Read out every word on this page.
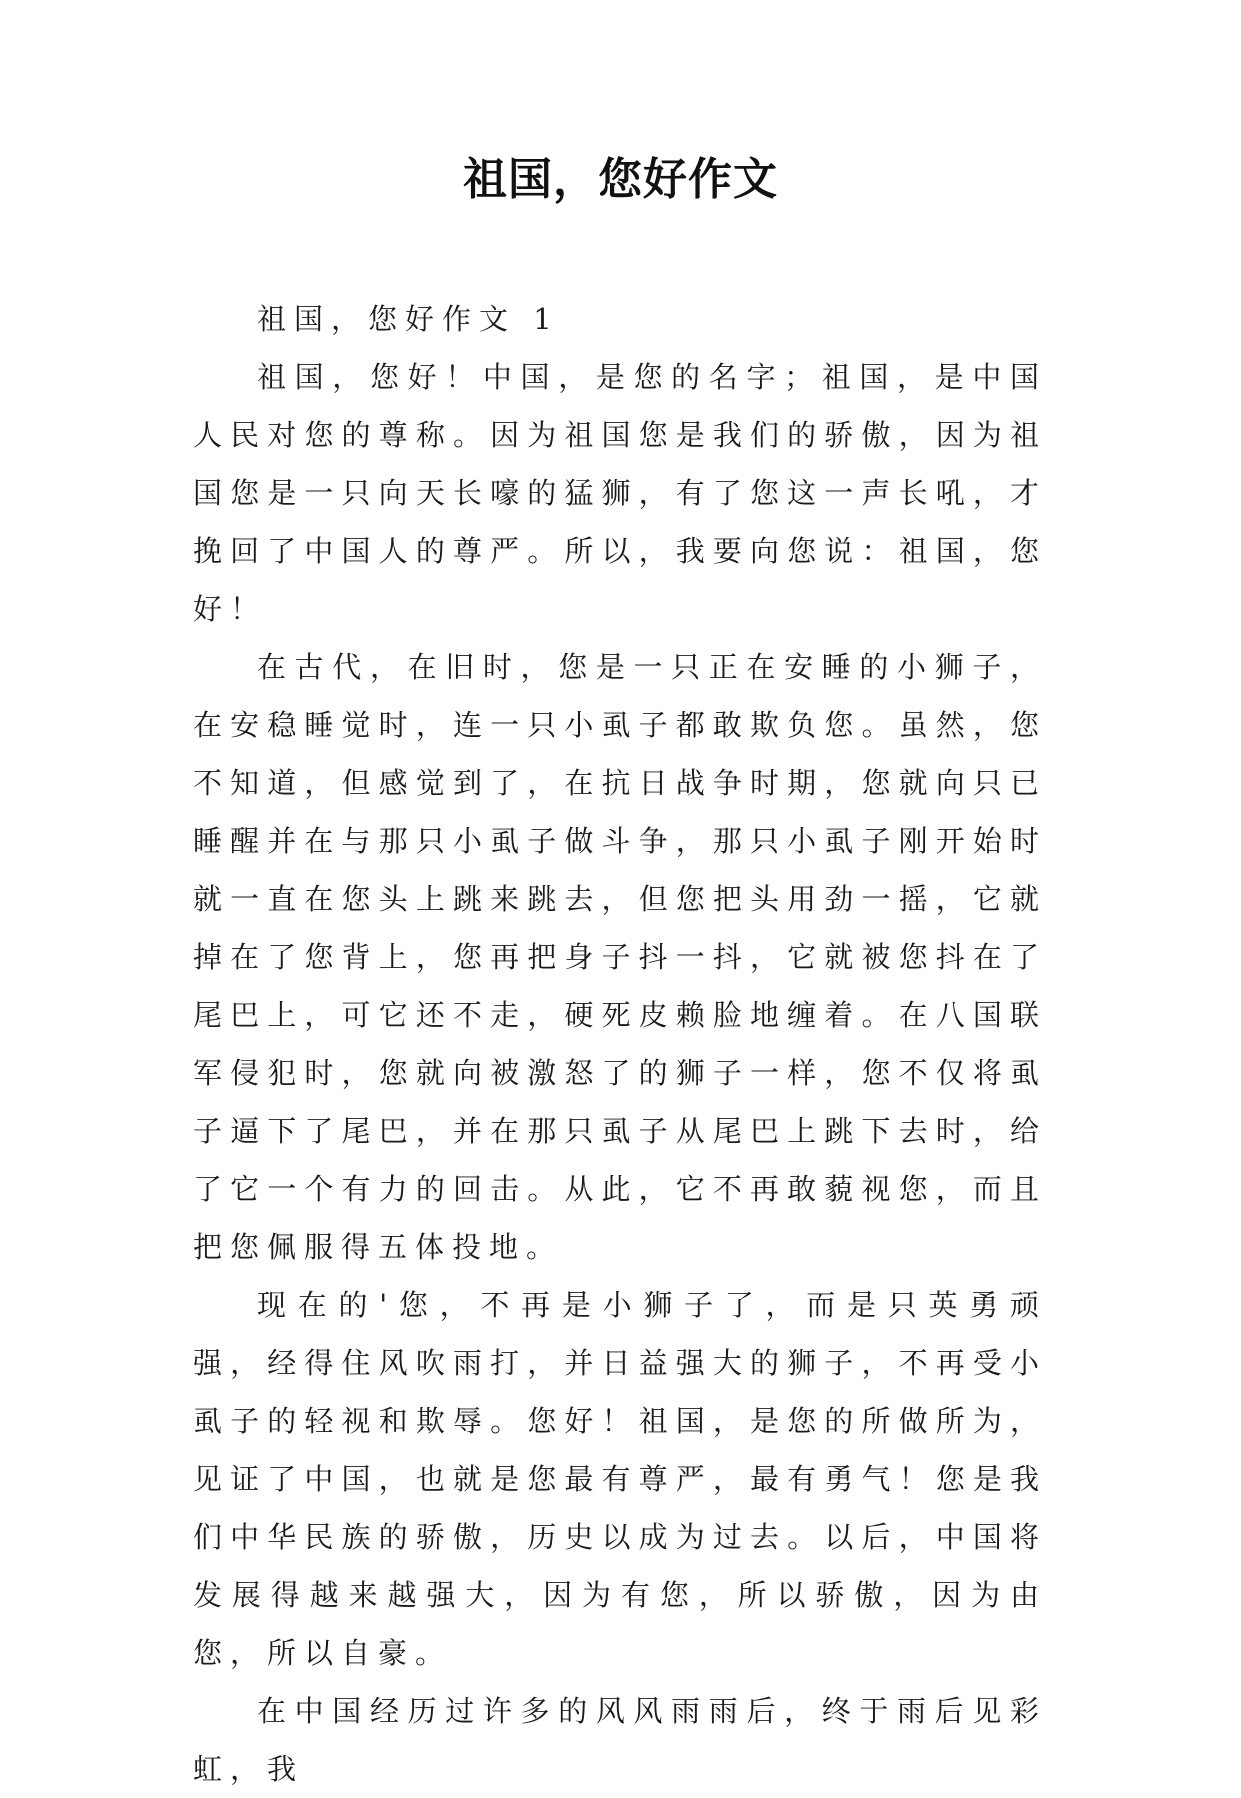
祖国，您好作文

祖国，您好作文 1

祖国，您好！中国，是您的名字；祖国，是中国人民对您的尊称。因为祖国您是我们的骄傲，因为祖国您是一只向天长嚎的猛狮，有了您这一声长吼，才挽回了中国人的尊严。所以，我要向您说：祖国，您好！

在古代，在旧时，您是一只正在安睡的小狮子，在安稳睡觉时，连一只小虱子都敢欺负您。虽然，您不知道，但感觉到了，在抗日战争时期，您就向只已睡醒并在与那只小虱子做斗争，那只小虱子刚开始时就一直在您头上跳来跳去，但您把头用劲一摇，它就掉在了您背上，您再把身子抖一抖，它就被您抖在了尾巴上，可它还不走，硬死皮赖脸地缠着。在八国联军侵犯时，您就向被激怒了的狮子一样，您不仅将虱子逼下了尾巴，并在那只虱子从尾巴上跳下去时，给了它一个有力的回击。从此，它不再敢藐视您，而且把您佩服得五体投地。

现在的'您，不再是小狮子了，而是只英勇顽强，经得住风吹雨打，并日益强大的狮子，不再受小虱子的轻视和欺辱。您好！祖国，是您的所做所为，见证了中国，也就是您最有尊严，最有勇气！您是我们中华民族的骄傲，历史以成为过去。以后，中国将发展得越来越强大，因为有您，所以骄傲，因为由您，所以自豪。

在中国经历过许多的风风雨雨后，终于雨后见彩虹，我
